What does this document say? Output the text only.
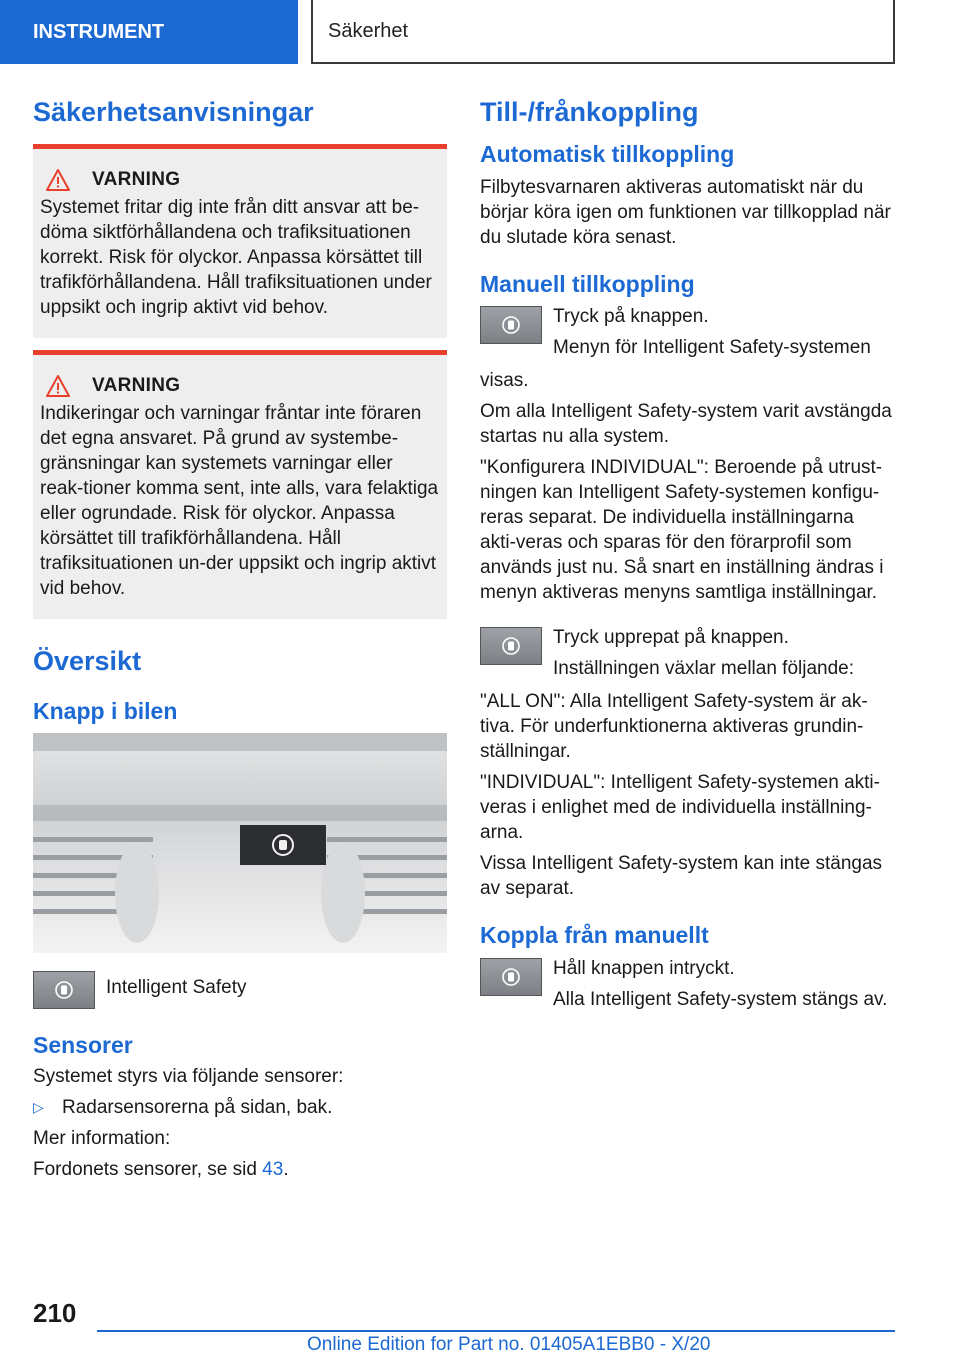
INSTRUMENT	Säkerhet
Säkerhetsanvisningar
VARNING

Systemet fritar dig inte från ditt ansvar att be-döma siktförhållandena och trafiksituationen korrekt. Risk för olyckor. Anpassa körsättet till trafikförhållandena. Håll trafiksituationen under uppsikt och ingrip aktivt vid behov.

VARNING

Indikeringar och varningar fråntar inte föraren det egna ansvaret. På grund av systembe-gränsningar kan systemets varningar eller reak-tioner komma sent, inte alls, vara felaktiga eller ogrundade. Risk för olyckor. Anpassa körsättet till trafikförhållandena. Håll trafiksituationen un-der uppsikt och ingrip aktivt vid behov.

Översikt
Knapp i bilen

Intelligent Safety

Sensorer

Systemet styrs via följande sensorer:

▷ Radarsensorerna på sidan, bak.

Mer information:

Fordonets sensorer, se sid 43.

Till-/frånkoppling
Automatisk tillkoppling

Filbytesvarnaren aktiveras automatiskt när du börjar köra igen om funktionen var tillkopplad när du slutade köra senast.

Manuell tillkoppling

Tryck på knappen.

Menyn för Intelligent Safety-systemen

visas.

Om alla Intelligent Safety-system varit avstängda startas nu alla system.

"Konfigurera INDIVIDUAL": Beroende på utrust-ningen kan Intelligent Safety-systemen konfigu-reras separat. De individuella inställningarna akti-veras och sparas för den förarprofil som används just nu. Så snart en inställning ändras i menyn aktiveras menyns samtliga inställningar.

Tryck upprepat på knappen.

Inställningen växlar mellan följande:

"ALL ON": Alla Intelligent Safety-system är ak-tiva. För underfunktionerna aktiveras grundin-ställningar.

"INDIVIDUAL": Intelligent Safety-systemen akti-veras i enlighet med de individuella inställning-arna.

Vissa Intelligent Safety-system kan inte stängas av separat.

Koppla från manuellt

Håll knappen intryckt.

Alla Intelligent Safety-system stängs av.

210
Online Edition for Part no. 01405A1EBB0 - X/20
